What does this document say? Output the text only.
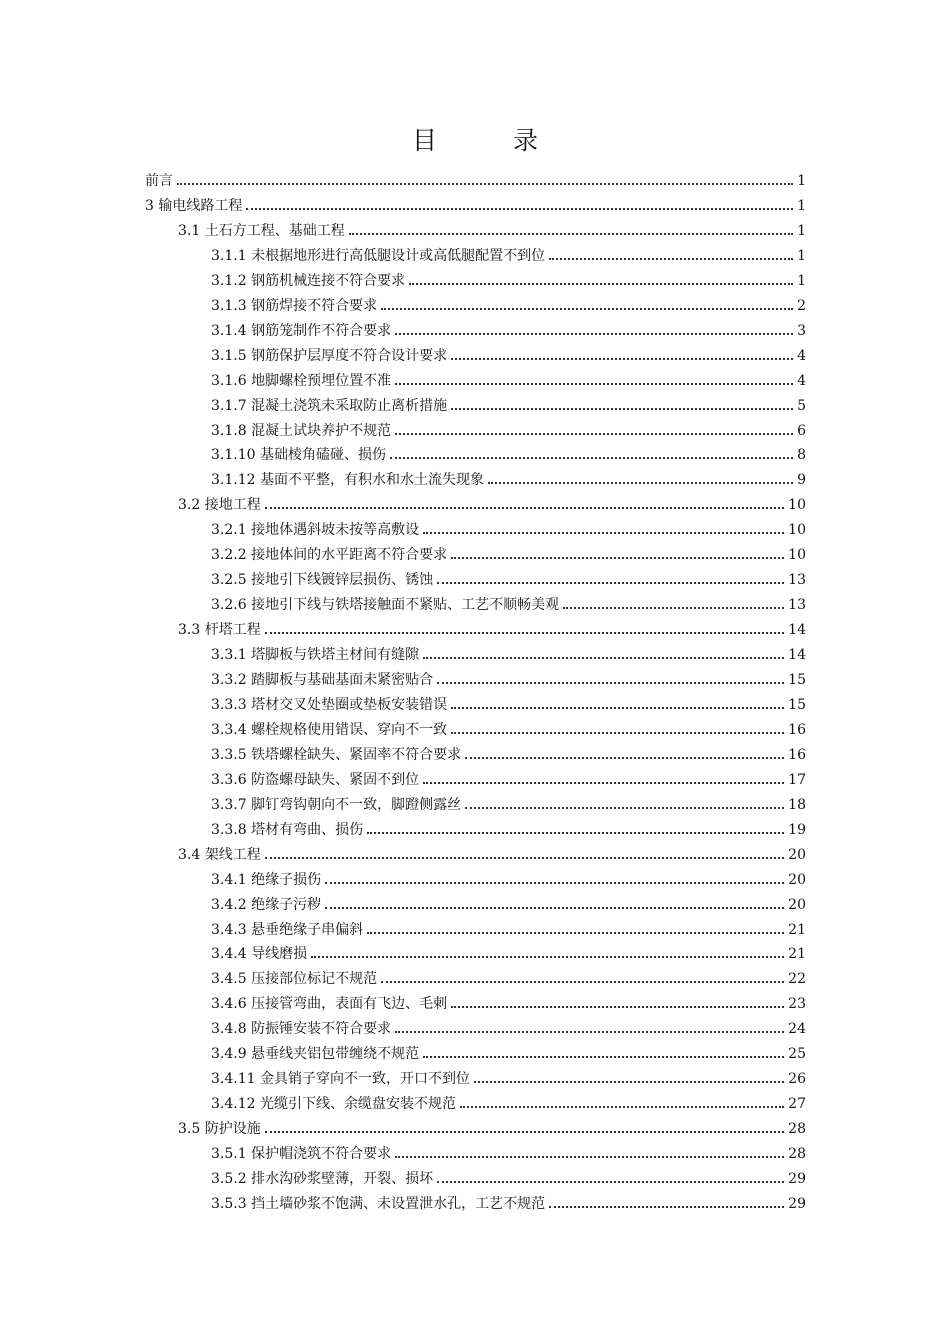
目 录
前言	1
3 输电线路工程	1
3.1 土石方工程、基础工程	1
3.1.1 未根据地形进行高低腿设计或高低腿配置不到位	1
3.1.2 钢筋机械连接不符合要求	1
3.1.3 钢筋焊接不符合要求	2
3.1.4 钢筋笼制作不符合要求	3
3.1.5 钢筋保护层厚度不符合设计要求	4
3.1.6 地脚螺栓预埋位置不准	4
3.1.7 混凝土浇筑未采取防止离析措施	5
3.1.8 混凝土试块养护不规范	6
3.1.10 基础棱角磕碰、损伤	8
3.1.12 基面不平整，有积水和水土流失现象	9
3.2 接地工程	10
3.2.1 接地体遇斜坡未按等高敷设	10
3.2.2 接地体间的水平距离不符合要求	10
3.2.5 接地引下线镀锌层损伤、锈蚀	13
3.2.6 接地引下线与铁塔接触面不紧贴、工艺不顺畅美观	13
3.3 杆塔工程	14
3.3.1 塔脚板与铁塔主材间有缝隙	14
3.3.2 踏脚板与基础基面未紧密贴合	15
3.3.3 塔材交叉处垫圈或垫板安装错误	15
3.3.4 螺栓规格使用错误、穿向不一致	16
3.3.5 铁塔螺栓缺失、紧固率不符合要求	16
3.3.6 防盗螺母缺失、紧固不到位	17
3.3.7 脚钉弯钩朝向不一致，脚蹬侧露丝	18
3.3.8 塔材有弯曲、损伤	19
3.4 架线工程	20
3.4.1 绝缘子损伤	20
3.4.2 绝缘子污秽	20
3.4.3 悬垂绝缘子串偏斜	21
3.4.4 导线磨损	21
3.4.5 压接部位标记不规范	22
3.4.6 压接管弯曲，表面有飞边、毛刺	23
3.4.8 防振锤安装不符合要求	24
3.4.9 悬垂线夹铝包带缠绕不规范	25
3.4.11 金具销子穿向不一致，开口不到位	26
3.4.12 光缆引下线、余缆盘安装不规范	27
3.5 防护设施	28
3.5.1 保护帽浇筑不符合要求	28
3.5.2 排水沟砂浆壁薄，开裂、损坏	29
3.5.3 挡土墙砂浆不饱满、未设置泄水孔，工艺不规范	29
